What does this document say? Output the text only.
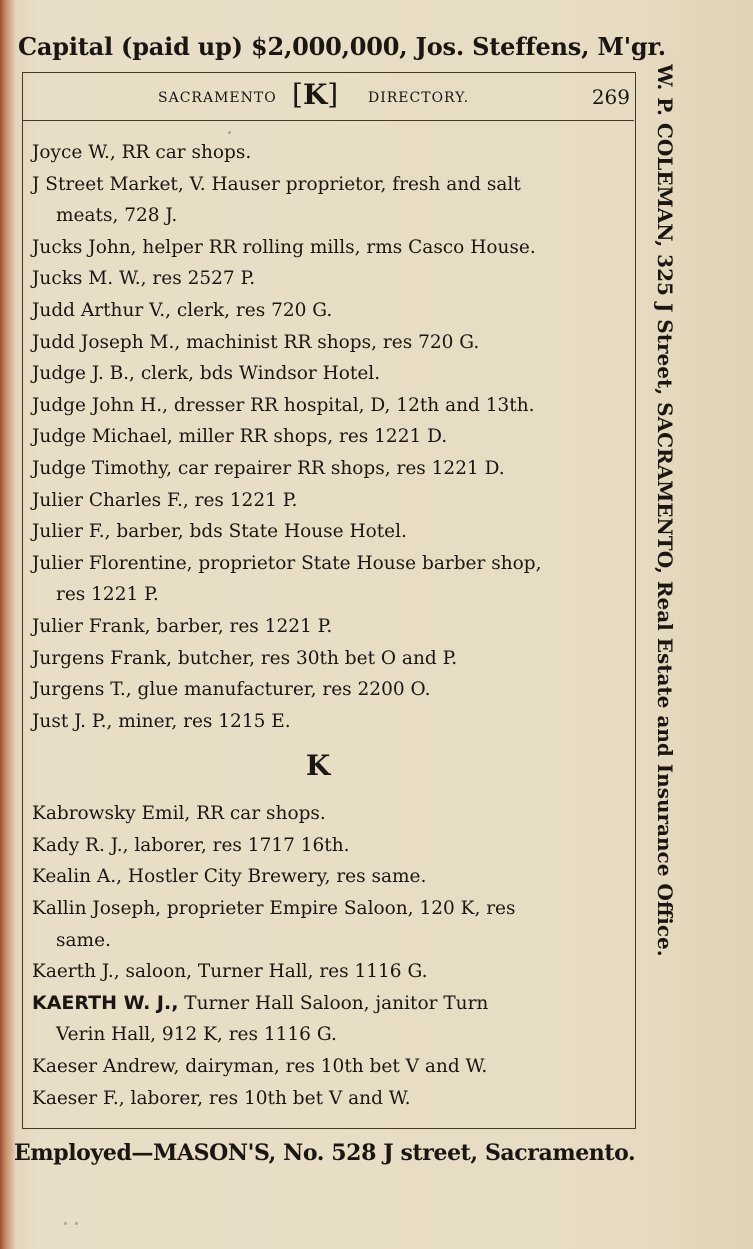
Capital (paid up) $2,000,000, Jos. Steffens, M'gr.
SACRAMENTO [K] DIRECTORY.	269
Joyce W., RR car shops.
J Street Market, V. Hauser proprietor, fresh and salt
meats, 728 J.
Jucks John, helper RR rolling mills, rms Casco House.
Jucks M. W., res 2527 P.
Judd Arthur V., clerk, res 720 G.
Judd Joseph M., machinist RR shops, res 720 G.
Judge J. B., clerk, bds Windsor Hotel.
Judge John H., dresser RR hospital, D, 12th and 13th.
Judge Michael, miller RR shops, res 1221 D.
Judge Timothy, car repairer RR shops, res 1221 D.
Julier Charles F., res 1221 P.
Julier F., barber, bds State House Hotel.
Julier Florentine, proprietor State House barber shop,
res 1221 P.
Julier Frank, barber, res 1221 P.
Jurgens Frank, butcher, res 30th bet O and P.
Jurgens T., glue manufacturer, res 2200 O.
Just J. P., miner, res 1215 E.
K
Kabrowsky Emil, RR car shops.
Kady R. J., laborer, res 1717 16th.
Kealin A., Hostler City Brewery, res same.
Kallin Joseph, proprieter Empire Saloon, 120 K, res
same.
Kaerth J., saloon, Turner Hall, res 1116 G.
KAERTH W. J., Turner Hall Saloon, janitor Turn
Verin Hall, 912 K, res 1116 G.
Kaeser Andrew, dairyman, res 10th bet V and W.
Kaeser F., laborer, res 10th bet V and W.
Employed—MASON'S, No. 528 J street, Sacramento.
W. P. COLEMAN, 325 J Street, SACRAMENTO, Real Estate and Insurance Office.
